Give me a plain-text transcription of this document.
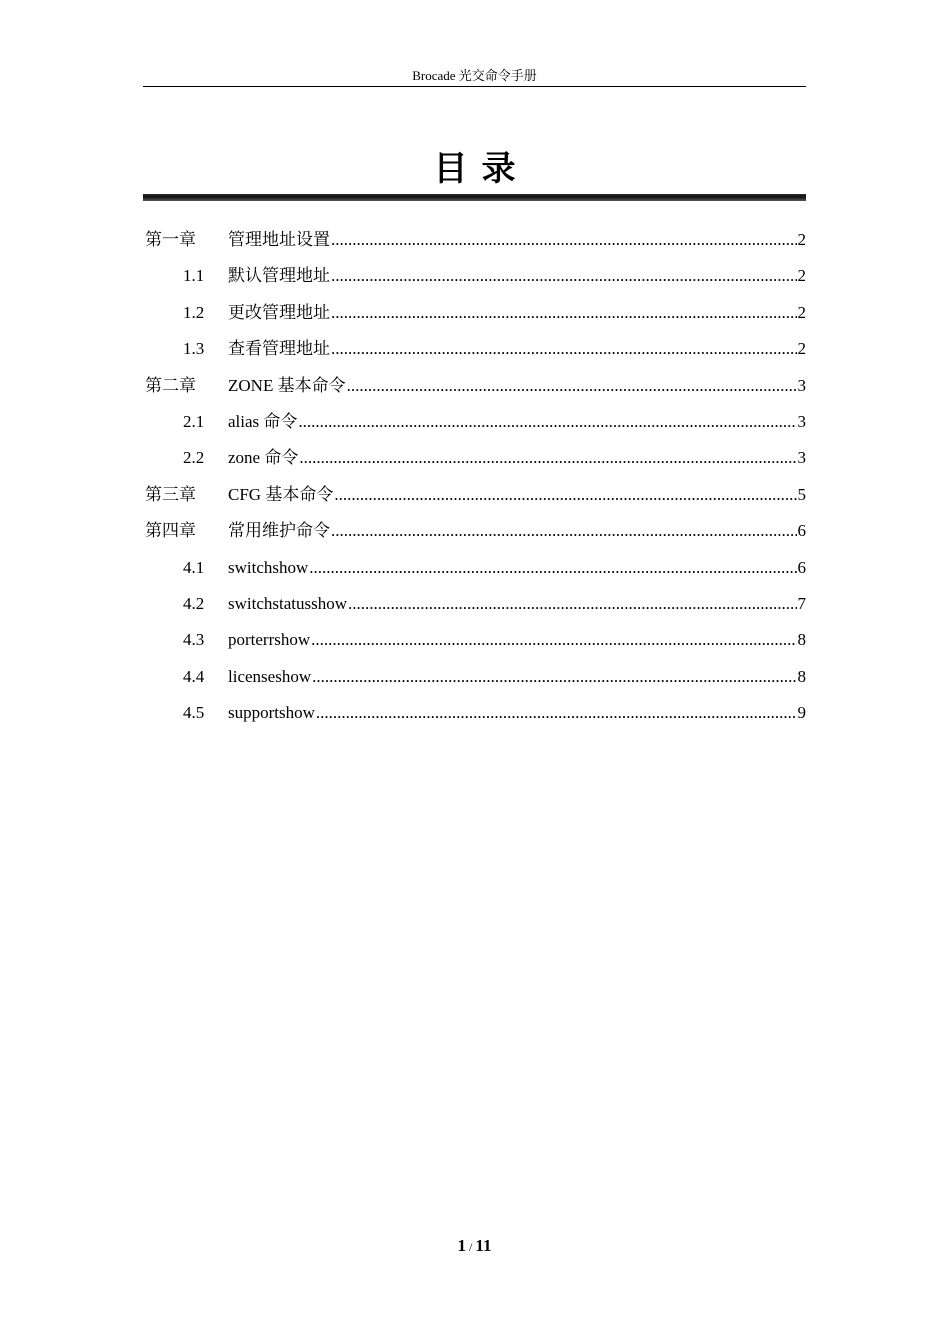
Brocade 光交命令手册
目录
第一章	管理地址设置 .....	2
1.1	默认管理地址 .....	2
1.2	更改管理地址 .....	2
1.3	查看管理地址 .....	2
第二章	ZONE 基本命令 .....	3
2.1	alias 命令 .....	3
2.2	zone 命令 .....	3
第三章	CFG 基本命令 .....	5
第四章	常用维护命令 .....	6
4.1	switchshow .....	6
4.2	switchstatusshow .....	7
4.3	porterrshow .....	8
4.4	licenseshow .....	8
4.5	supportshow .....	9
1 / 11
